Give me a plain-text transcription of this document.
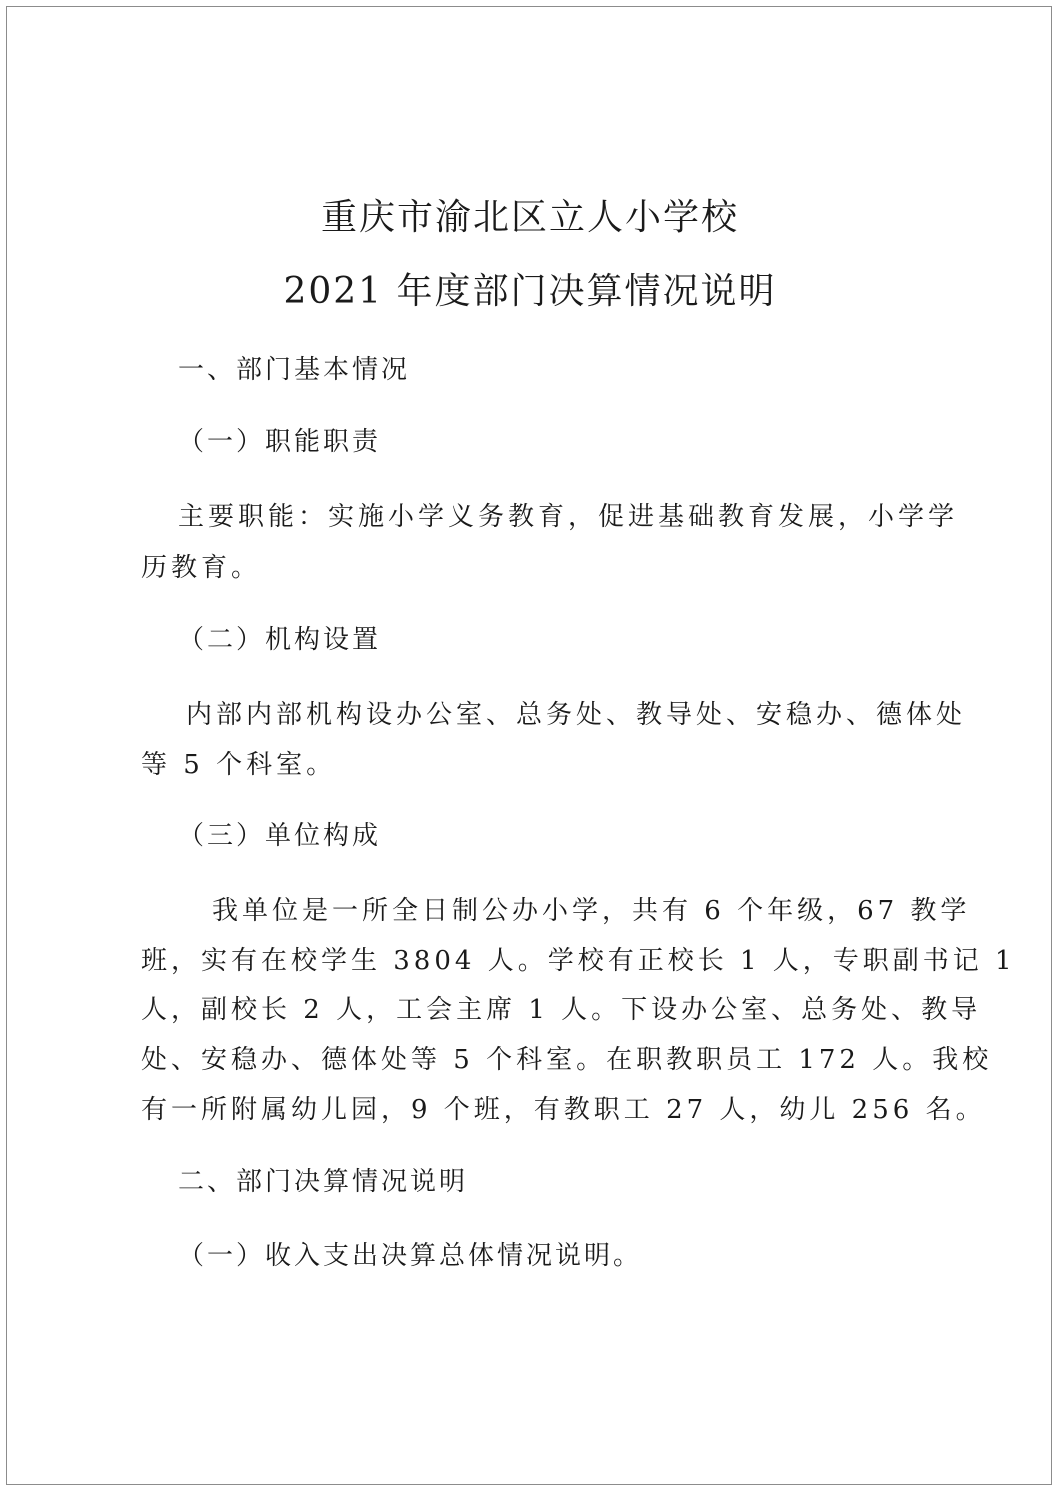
重庆市渝北区立人小学校
2021 年度部门决算情况说明
一、部门基本情况
（一）职能职责
主要职能：实施小学义务教育，促进基础教育发展，小学学
历教育。
（二）机构设置
内部内部机构设办公室、总务处、教导处、安稳办、德体处
等 5 个科室。
（三）单位构成
我单位是一所全日制公办小学，共有 6 个年级，67 教学
班，实有在校学生 3804 人。学校有正校长 1 人，专职副书记 1
人，副校长 2 人，工会主席 1 人。下设办公室、总务处、教导
处、安稳办、德体处等 5 个科室。在职教职员工 172 人。我校
有一所附属幼儿园，9 个班，有教职工 27 人，幼儿 256 名。
二、部门决算情况说明
（一）收入支出决算总体情况说明。
